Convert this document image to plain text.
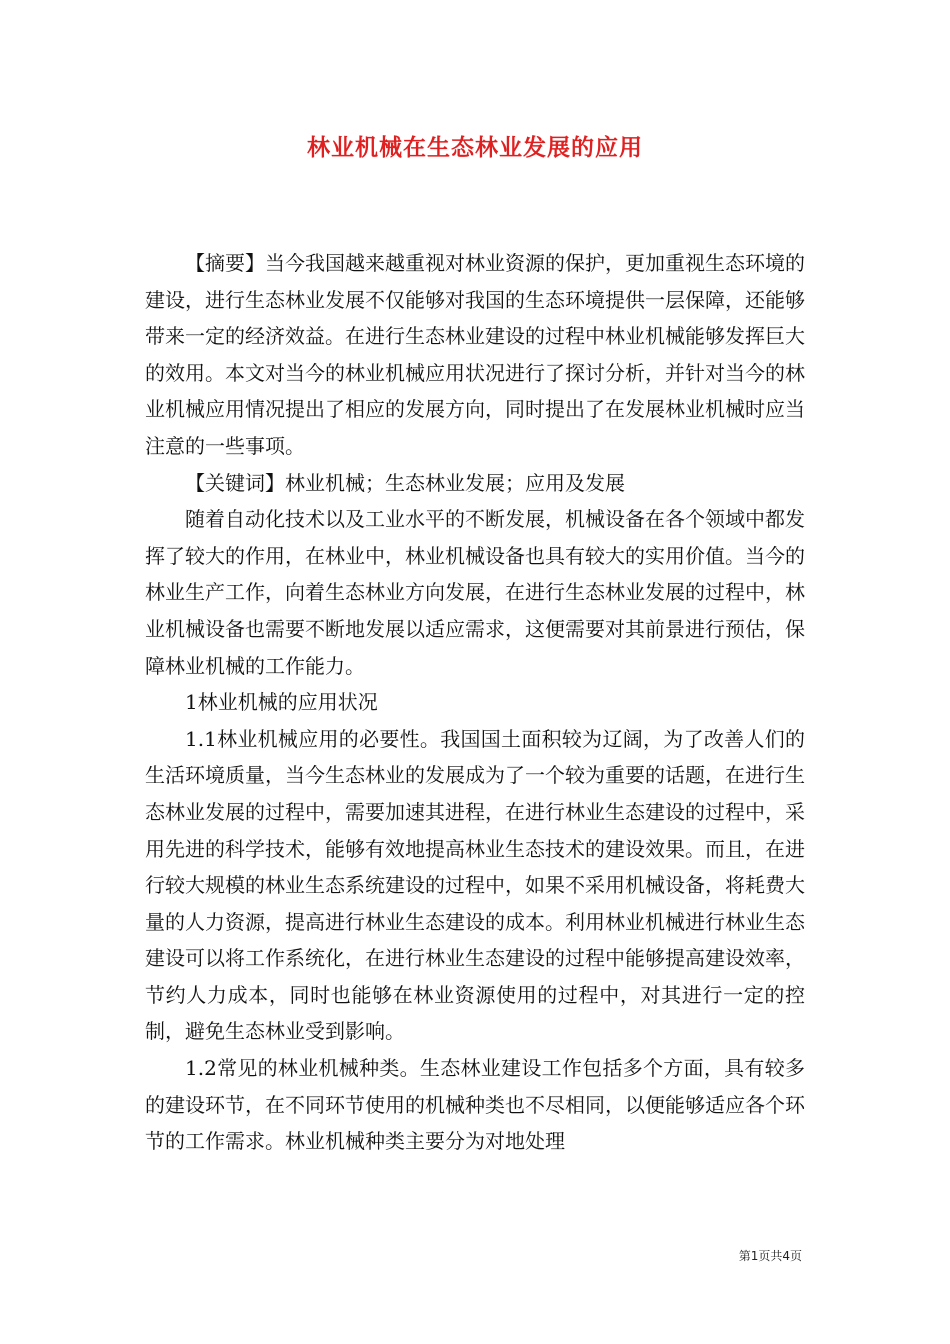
林业机械在生态林业发展的应用

【摘要】当今我国越来越重视对林业资源的保护，更加重视生态环境的建设，进行生态林业发展不仅能够对我国的生态环境提供一层保障，还能够带来一定的经济效益。在进行生态林业建设的过程中林业机械能够发挥巨大的效用。本文对当今的林业机械应用状况进行了探讨分析，并针对当今的林业机械应用情况提出了相应的发展方向，同时提出了在发展林业机械时应当注意的一些事项。

【关键词】林业机械；生态林业发展；应用及发展

随着自动化技术以及工业水平的不断发展，机械设备在各个领域中都发挥了较大的作用，在林业中，林业机械设备也具有较大的实用价值。当今的林业生产工作，向着生态林业方向发展，在进行生态林业发展的过程中，林业机械设备也需要不断地发展以适应需求，这便需要对其前景进行预估，保障林业机械的工作能力。

1林业机械的应用状况

1.1林业机械应用的必要性。我国国土面积较为辽阔，为了改善人们的生活环境质量，当今生态林业的发展成为了一个较为重要的话题，在进行生态林业发展的过程中，需要加速其进程，在进行林业生态建设的过程中，采用先进的科学技术，能够有效地提高林业生态技术的建设效果。而且，在进行较大规模的林业生态系统建设的过程中，如果不采用机械设备，将耗费大量的人力资源，提高进行林业生态建设的成本。利用林业机械进行林业生态建设可以将工作系统化，在进行林业生态建设的过程中能够提高建设效率，节约人力成本，同时也能够在林业资源使用的过程中，对其进行一定的控制，避免生态林业受到影响。

1.2常见的林业机械种类。生态林业建设工作包括多个方面，具有较多的建设环节，在不同环节使用的机械种类也不尽相同，以便能够适应各个环节的工作需求。林业机械种类主要分为对地处理

第1页共4页
